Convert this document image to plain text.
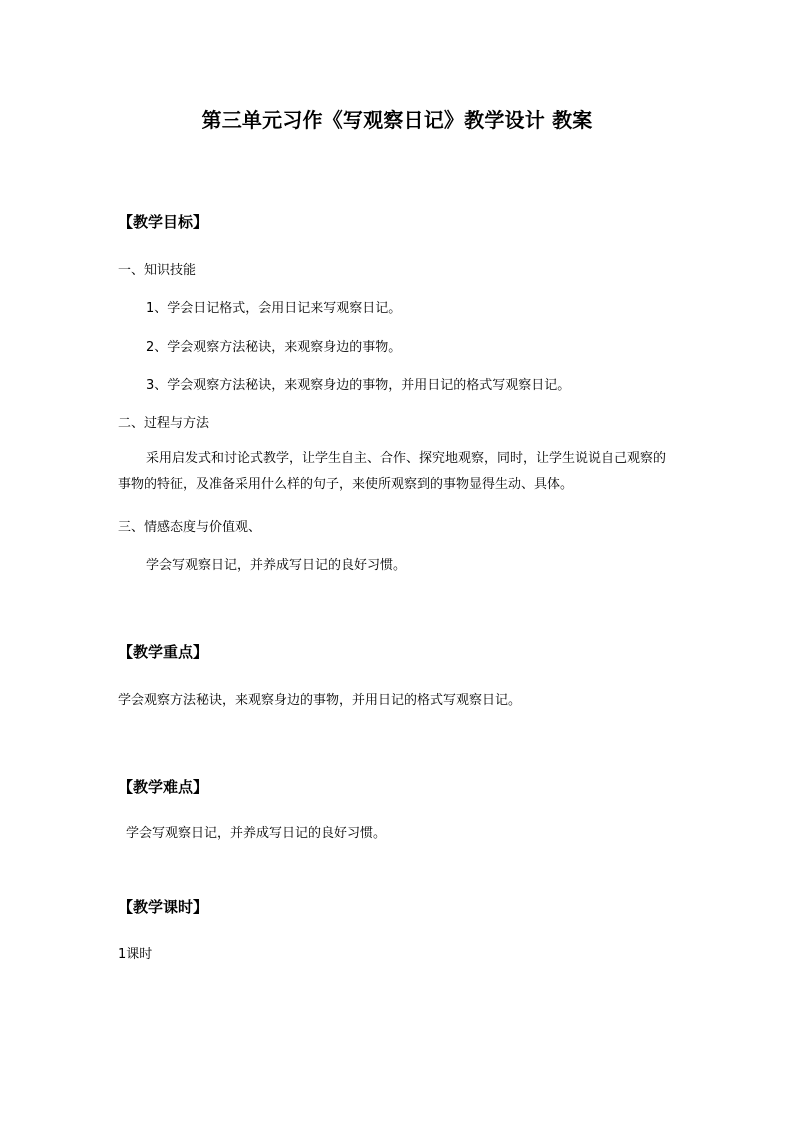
第三单元习作《写观察日记》教学设计 教案
【教学目标】
一、知识技能
1、学会日记格式，会用日记来写观察日记。
2、学会观察方法秘诀，来观察身边的事物。
3、学会观察方法秘诀，来观察身边的事物，并用日记的格式写观察日记。
二、过程与方法
采用启发式和讨论式教学，让学生自主、合作、探究地观察，同时，让学生说说自己观察的事物的特征，及准备采用什么样的句子，来使所观察到的事物显得生动、具体。
三、情感态度与价值观、
学会写观察日记，并养成写日记的良好习惯。
【教学重点】
学会观察方法秘诀，来观察身边的事物，并用日记的格式写观察日记。
【教学难点】
学会写观察日记，并养成写日记的良好习惯。
【教学课时】
1课时
